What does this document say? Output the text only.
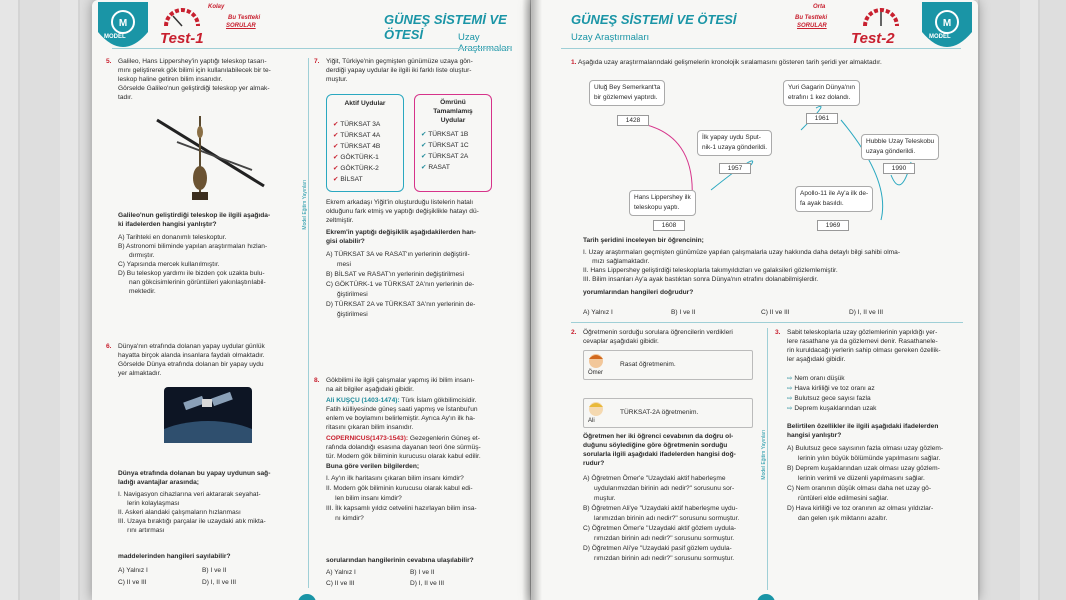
M
MODEL
Kolay
Bu Testteki
SORULAR
Test-1
GÜNEŞ SİSTEMİ VE ÖTESİ	Uzay
5. Galileo, Hans Lippershey'in yaptığı teleskop tasarı-
mını geliştirerek gök bilimi için kullanılabilecek bir te-
leskop haline getiren bilim insanıdır.
Görselde Galileo'nun geliştirdiği teleskop yer almak-
tadır.
Galileo'nun geliştirdiği teleskop ile ilgili aşağıda-
ki ifadelerden hangisi yanlıştır?
A) Tarihteki en donanımlı teleskoptur.
B) Astronomi biliminde yapılan araştırmaları hızlan-
dırmıştır.
C) Yapısında mercek kullanılmıştır.
D) Bu teleskop yardımı ile bizden çok uzakta bulu-
nan gökcisimlerinin görüntüleri yakınlaştırılabil-
mektedir.
6. Dünya'nın etrafında dolanan yapay uydular günlük
hayatta birçok alanda insanlara faydalı olmaktadır.
Görselde Dünya etrafında dolanan bir yapay uydu
yer almaktadır.
Dünya etrafında dolanan bu yapay uydunun sağ-
ladığı avantajlar arasında;
I. Navigasyon cihazlarına veri aktararak seyahat-
lerin kolaylaşması
II. Askeri alandaki çalışmaların hızlanması
III. Uzaya bıraktığı parçalar ile uzaydaki atık mikta-
rını artırması
maddelerinden hangileri sayılabilir?
A) Yalnız I	B) I ve II
C) II ve III	D) I, II ve III
Model Eğitim Yayınları
7. Yiğit, Türkiye'nin geçmişten günümüze uzaya gön-
derdiği yapay uydular ile ilgili iki farklı liste oluştur-
muştur.
Aktif Uydular
✔ TÜRKSAT 3A
✔ TÜRKSAT 4A
✔ TÜRKSAT 4B
✔ GÖKTÜRK-1
✔ GÖKTÜRK-2
✔ BİLSAT
Ömrünü
Tamamlamış
Uydular
✔ TÜRKSAT 1B
✔ TÜRKSAT 1C
✔ TÜRKSAT 2A
✔ RASAT
Ekrem arkadaşı Yiğit'in oluşturduğu listelerin hatalı
olduğunu fark etmiş ve yaptığı değişiklikle hatayı dü-
zeltmiştir.
Ekrem'in yaptığı değişiklik aşağıdakilerden han-
gisi olabilir?
A) TÜRKSAT 3A ve RASAT'ın yerlerinin değiştiril-
mesi
B) BİLSAT ve RASAT'ın yerlerinin değiştirilmesi
C) GÖKTÜRK-1 ve TÜRKSAT 2A'nın yerlerinin de-
ğiştirilmesi
D) TÜRKSAT 2A ve TÜRKSAT 3A'nın yerlerinin de-
ğiştirilmesi
8. Gökbilimi ile ilgili çalışmalar yapmış iki bilim insanı-
na ait bilgiler aşağıdaki gibidir.
Ali KUŞÇU (1403-1474): Türk İslam gökbilimcisidir.
Fatih külliyesinde güneş saati yapmış ve İstanbul'un
enlem ve boylamını belirlemiştir. Ayrıca Ay'ın ilk ha-
ritasını çıkaran bilim insanıdır.
COPERNICUS(1473-1543): Gezegenlerin Güneş et-
rafında dolandığı esasına dayanan teori öne sürmüş-
tür. Modern gök biliminin kurucusu olarak kabul edilir.
Buna göre verilen bilgilerden;
I. Ay'ın ilk haritasını çıkaran bilim insanı kimdir?
II. Modern gök biliminin kurucusu olarak kabul edi-
len bilim insanı kimdir?
III. İlk kapsamlı yıldız cetvelini hazırlayan bilim insa-
nı kimdir?
sorularından hangilerinin cevabına ulaşılabilir?
A) Yalnız I	B) I ve II
C) II ve III	D) I, II ve III
M
MODEL
Orta
Bu Testteki
SORULAR
Test-2
GÜNEŞ SİSTEMİ VE ÖTESİ
Uzay Araştırmaları
1. Aşağıda uzay araştırmalarındaki gelişmelerin kronolojik sıralamasını gösteren tarih şeridi yer almaktadır.
Uluğ Bey Semerkant'ta
bir gözlemevi yaptırdı.
1428
Hans Lippershey ilk
teleskopu yaptı.
1608
İlk yapay uydu Sput-
nik-1 uzaya gönderildi.
1957
Yuri Gagarin Dünya'nın
etrafını 1 kez dolandı.
1961
Apollo-11 ile Ay'a ilk de-
fa ayak basıldı.
1969
Hubble Uzay Teleskobu
uzaya gönderildi.
1990
Tarih şeridini inceleyen bir öğrencinin;
I. Uzay araştırmaları geçmişten günümüze yapılan çalışmalarla uzay hakkında daha detaylı bilgi sahibi olma-
mızı sağlamaktadır.
II. Hans Lippershey geliştirdiği teleskoplarla takımyıldızları ve galaksileri gözlemlemiştir.
III. Bilim insanları Ay'a ayak bastıktan sonra Dünya'nın etrafını dolanabilmişlerdir.
yorumlarından hangileri doğrudur?
A) Yalnız I	B) I ve II	C) II ve III	D) I, II ve III
2. Öğretmenin sorduğu sorulara öğrencilerin verdikleri
cevaplar aşağıdaki gibidir.
Ömer
Rasat öğretmenim.
Ali
TÜRKSAT-2A öğretmenim.
Öğretmen her iki öğrenci cevabının da doğru ol-
duğunu söylediğine göre öğretmenin sorduğu
sorularla ilgili aşağıdaki ifadelerden hangisi doğ-
rudur?
A) Öğretmen Ömer'e "Uzaydaki aktif haberleşme
uydularımızdan birinin adı nedir?" sorusunu sor-
muştur.
B) Öğretmen Ali'ye "Uzaydaki aktif haberleşme uydu-
larımızdan birinin adı nedir?" sorusunu sormuştur.
C) Öğretmen Ömer'e "Uzaydaki aktif gözlem uydula-
rımızdan birinin adı nedir?" sorusunu sormuştur.
D) Öğretmen Ali'ye "Uzaydaki pasif gözlem uydula-
rımızdan birinin adı nedir?" sorusunu sormuştur.
Model Eğitim Yayınları
3. Sabit teleskoplarla uzay gözlemlerinin yapıldığı yer-
lere rasathane ya da gözlemevi denir. Rasathanele-
rin kuruldacağı yerlerin sahip olması gereken özellik-
ler aşağıdaki gibidir.
⇨ Nem oranı düşük
⇨ Hava kirliliği ve toz oranı az
⇨ Bulutsuz gece sayısı fazla
⇨ Deprem kuşaklarından uzak
Belirtilen özellikler ile ilgili aşağıdaki ifadelerden
hangisi yanlıştır?
A) Bulutsuz gece sayısının fazla olması uzay gözlem-
lerinin yılın büyük bölümünde yapılmasını sağlar.
B) Deprem kuşaklarından uzak olması uzay gözlem-
lerinin verimli ve düzenli yapılmasını sağlar.
C) Nem oranının düşük olması daha net uzay gö-
rüntüleri elde edilmesini sağlar.
D) Hava kirliliği ve toz oranının az olması yıldızlar-
dan gelen ışık miktarını azaltır.
